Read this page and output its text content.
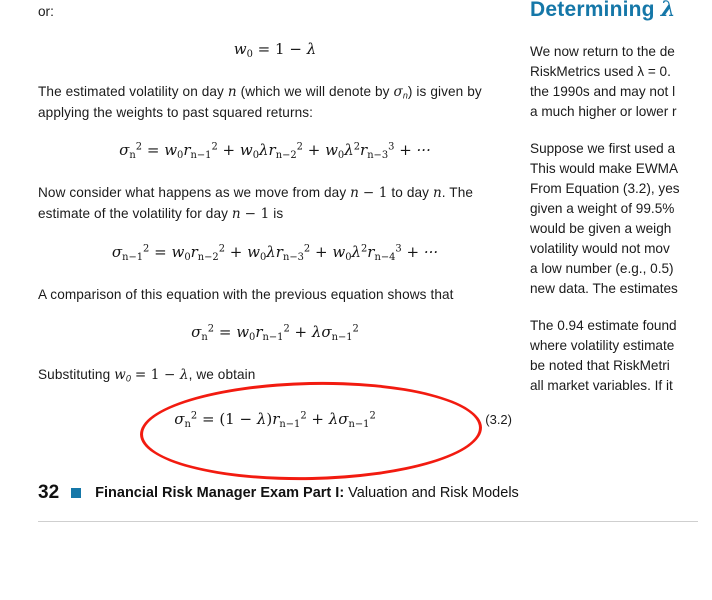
or:
$w_0 = 1 - \lambda$
The estimated volatility on day n (which we will denote by σn) is given by applying the weights to past squared returns:
$\sigma_n^2 = w_0r_{n-1}^2 + w_0\lambda r_{n-2}^2 + w_0\lambda^2r_{n-3}^3$ + ···
Now consider what happens as we move from day n − 1 to day n. The estimate of the volatility for day n − 1 is
$\sigma_{n-1}^2 = w_0r_{n-2}^2 + w_0\lambda r_{n-3}^2 + w_0\lambda^2r_{n-4}^3$ + ···
A comparison of this equation with the previous equation shows that
$\sigma_n^2 = w_0r_{n-1}^2 + \lambda\sigma_{n-1}^2$
Substituting w0 = 1 − λ, we obtain
$\sigma_n^2 = (1 - \lambda)r_{n-1}^2 + \lambda\sigma_{n-1}^2$	(3.2)
Determining λ
We now return to the de
RiskMetrics used λ = 0.
the 1990s and may not l
a much higher or lower r
Suppose we first used a
This would make EWMA
From Equation (3.2), yes
given a weight of 99.5%
would be given a weigh
volatility would not mov
a low number (e.g., 0.5)
new data. The estimates
The 0.94 estimate found
where volatility estimate
be noted that RiskMetri
all market variables. If it
32 Financial Risk Manager Exam Part I: Valuation and Risk Models
